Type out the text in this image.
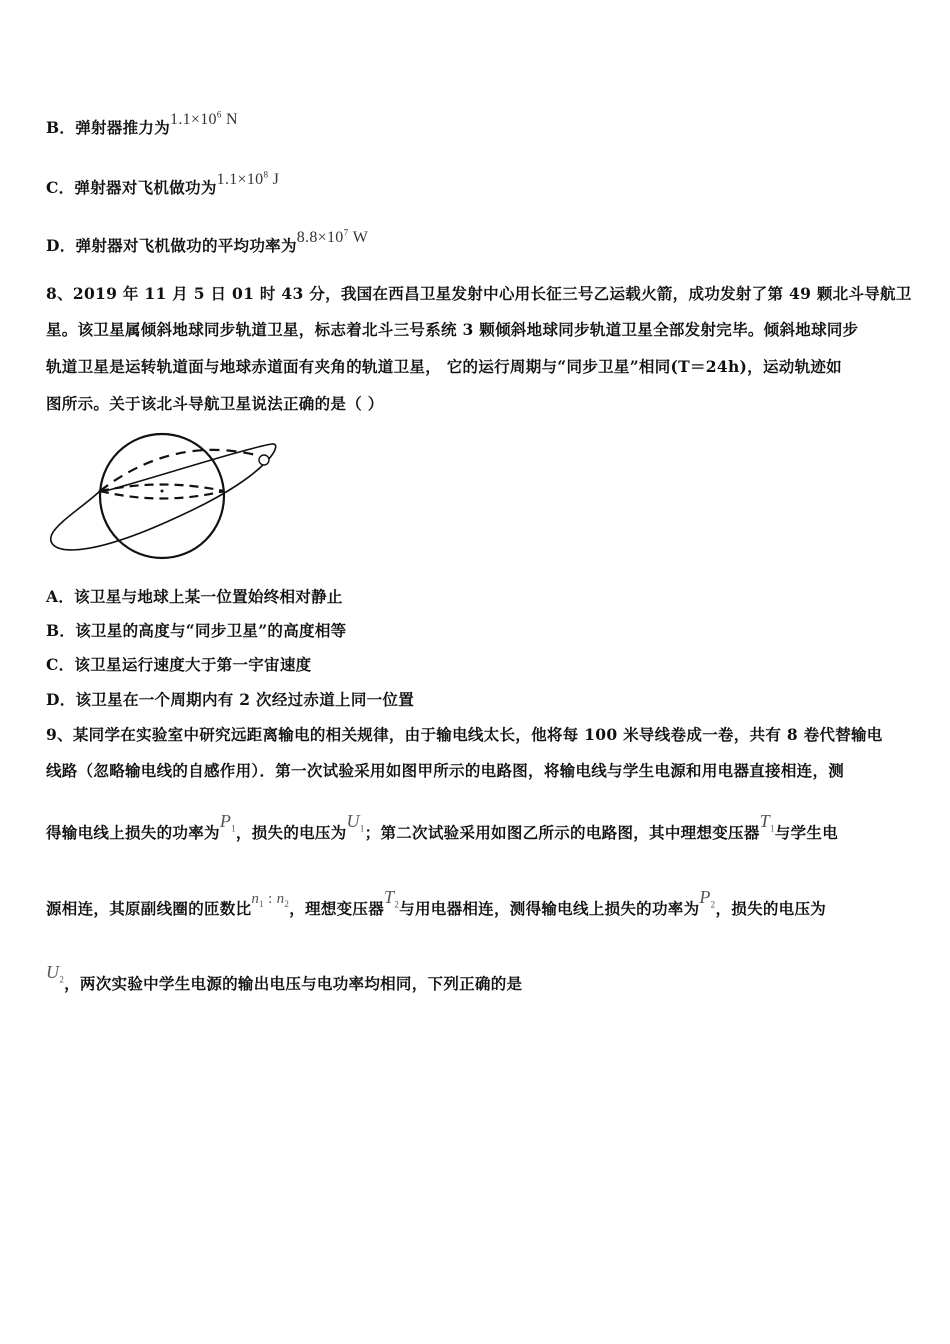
B．弹射器推力为$1.1\times 10^6$ N
C．弹射器对飞机做功为$1.1\times 10^8$ J
D．弹射器对飞机做功的平均功率为$8.8\times 10^7$ W
8、2019 年 11 月 5 日 01 时 43 分，我国在西昌卫星发射中心用长征三号乙运载火箭，成功发射了第 49 颗北斗导航卫
星。该卫星属倾斜地球同步轨道卫星，标志着北斗三号系统 3 颗倾斜地球同步轨道卫星全部发射完毕。倾斜地球同步
轨道卫星是运转轨道面与地球赤道面有夹角的轨道卫星， 它的运行周期与“同步卫星”相同(T＝24h)，运动轨迹如
图所示。关于该北斗导航卫星说法正确的是（ ）
A．该卫星与地球上某一位置始终相对静止
B．该卫星的高度与“同步卫星”的高度相等
C．该卫星运行速度大于第一宇宙速度
D．该卫星在一个周期内有 2 次经过赤道上同一位置
9、某同学在实验室中研究远距离输电的相关规律，由于输电线太长，他将每 100 米导线卷成一卷，共有 8 卷代替输电
线路（忽略输电线的自感作用）．第一次试验采用如图甲所示的电路图，将输电线与学生电源和用电器直接相连，测
得输电线上损失的功率为$P_1$，损失的电压为$U_1$；第二次试验采用如图乙所示的电路图，其中理想变压器$T_1$与学生电
源相连，其原副线圈的匝数比$n_1$ : $n_2$，理想变压器$T_2$与用电器相连，测得输电线上损失的功率为$P_2$，损失的电压为
$U_2$，两次实验中学生电源的输出电压与电功率均相同，下列正确的是
